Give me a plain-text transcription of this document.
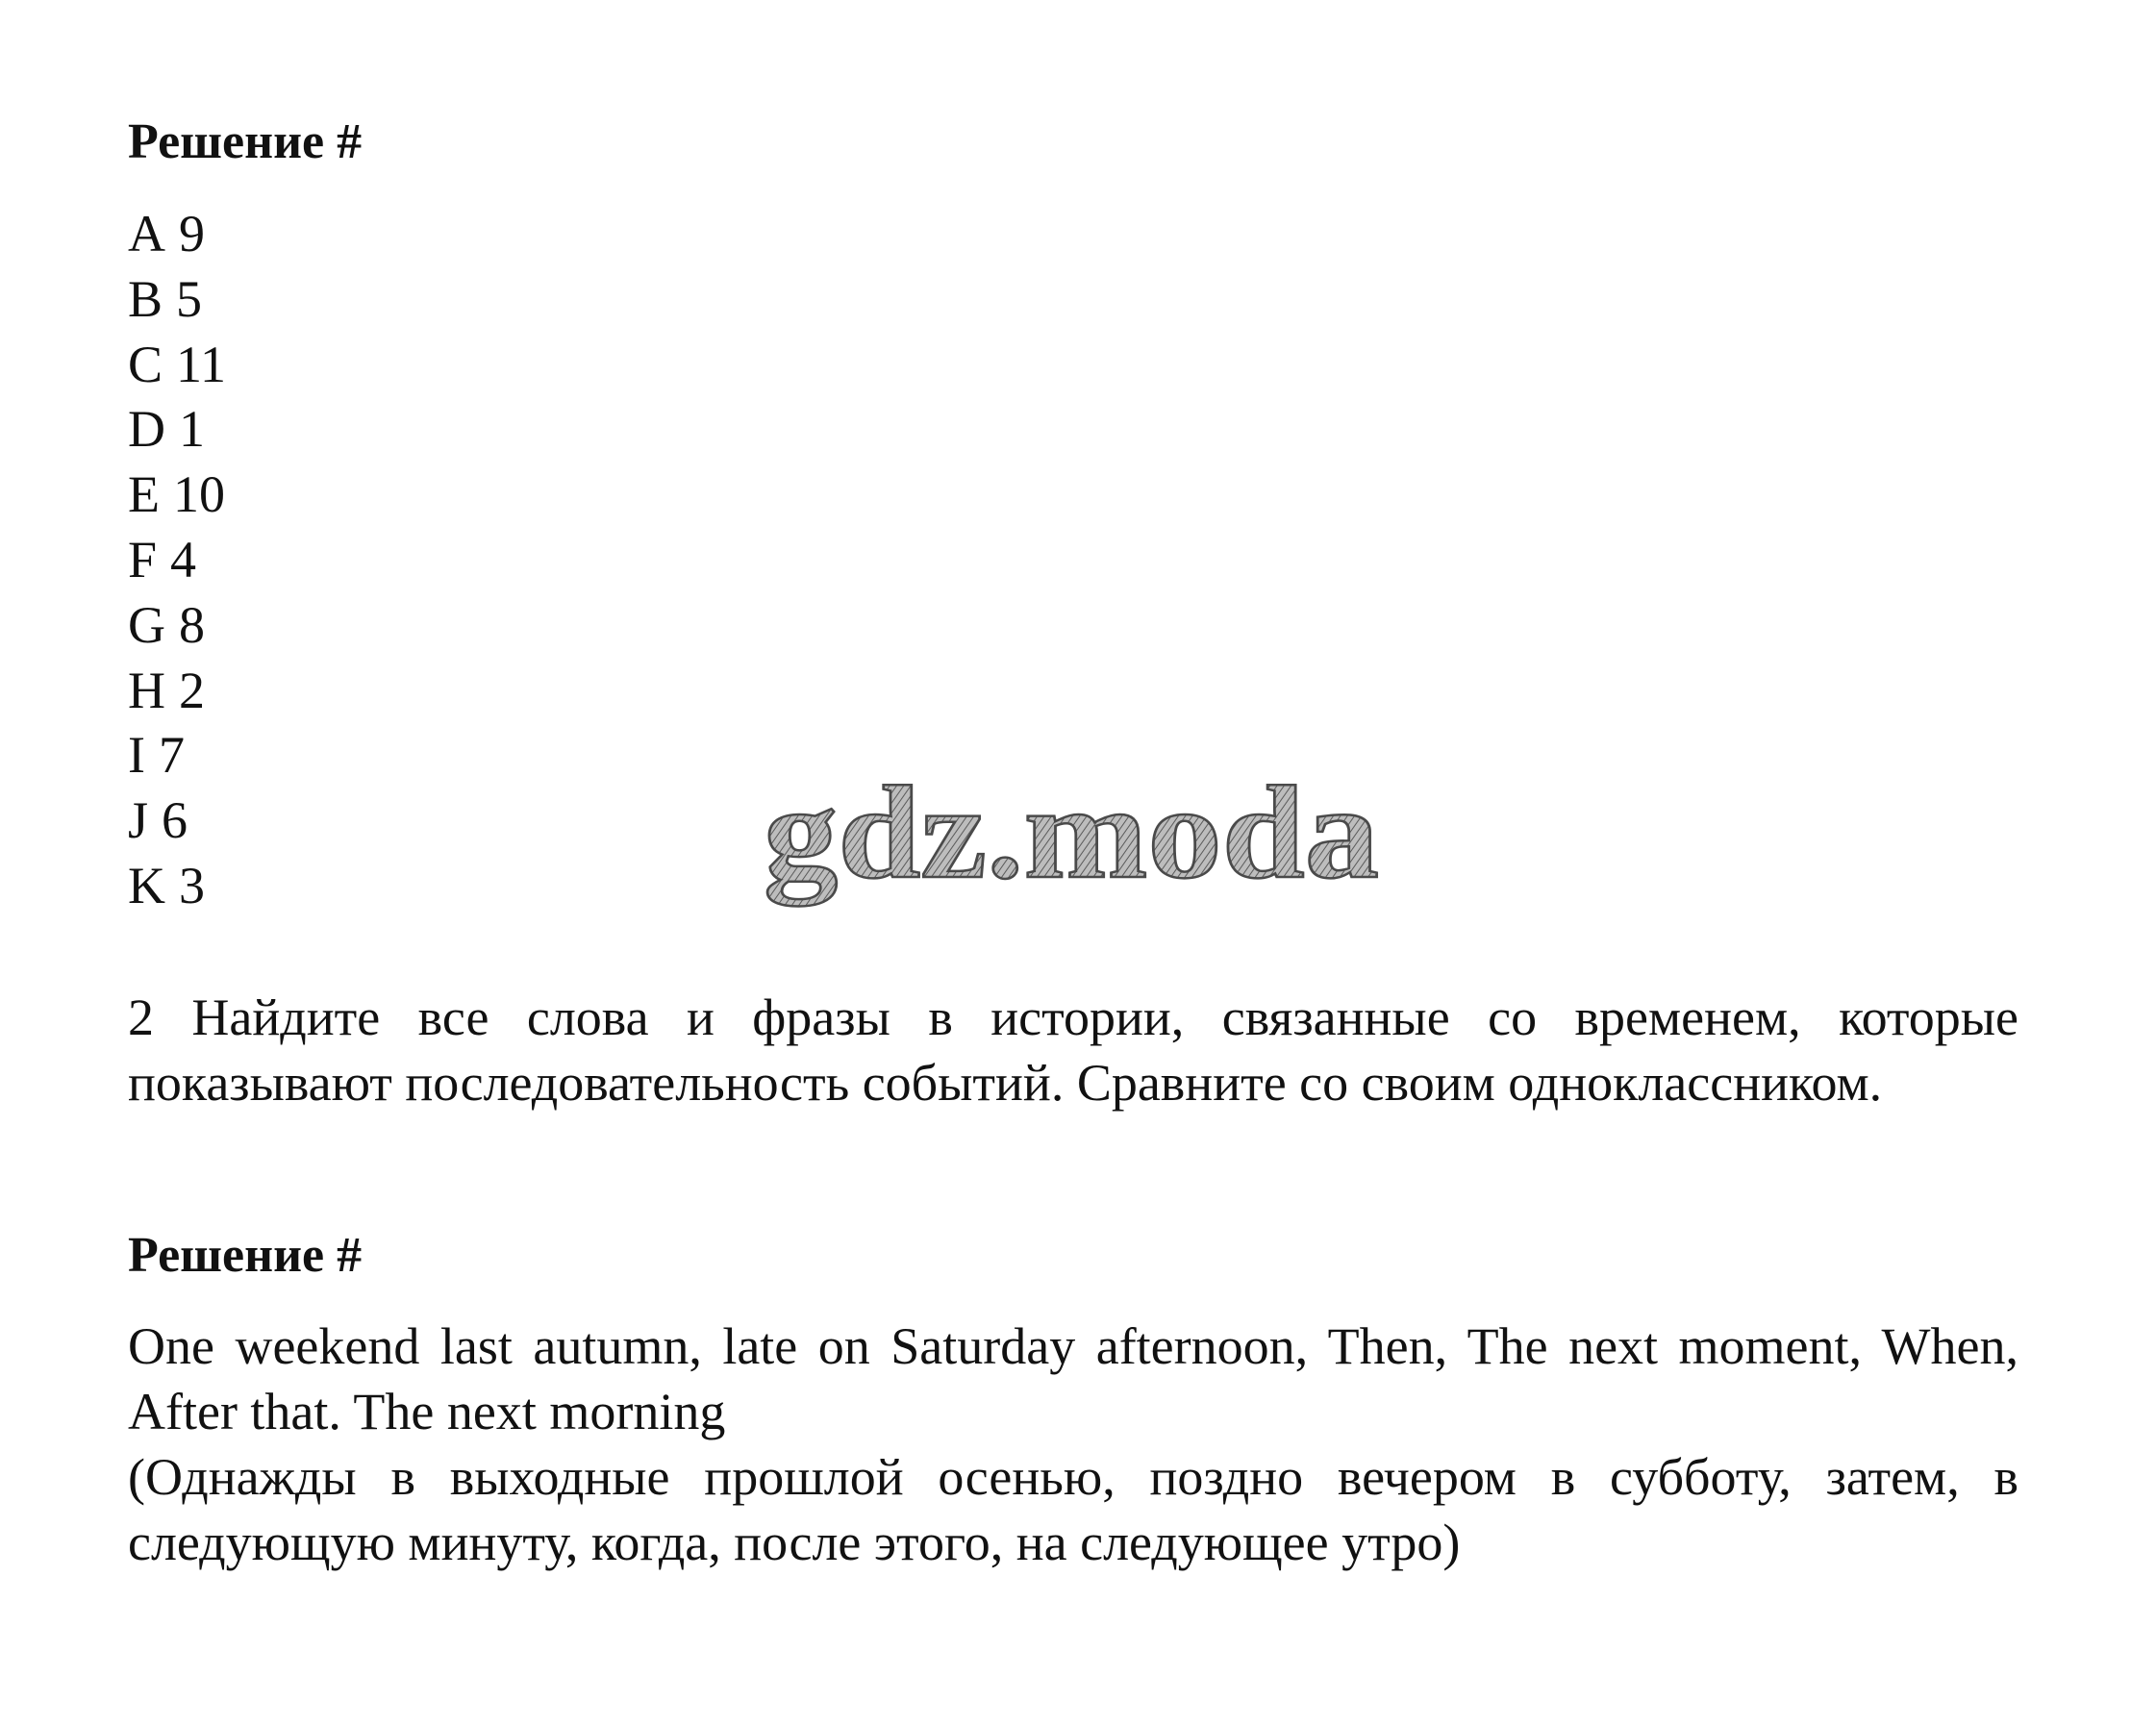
Решение #
A 9
B 5
C 11
D 1
E 10
F 4
G 8
H 2
I 7
J 6
K 3	gdz.moda

2 Найдите все слова и фразы в истории, связанные со временем, которые показывают последовательность событий. Сравните со своим одноклассником.

Решение #

One weekend last autumn, late on Saturday afternoon, Then, The next moment, When, After that. The next morning

(Однажды в выходные прошлой осенью, поздно вечером в субботу, затем, в следующую минуту, когда, после этого, на следующее утро)
